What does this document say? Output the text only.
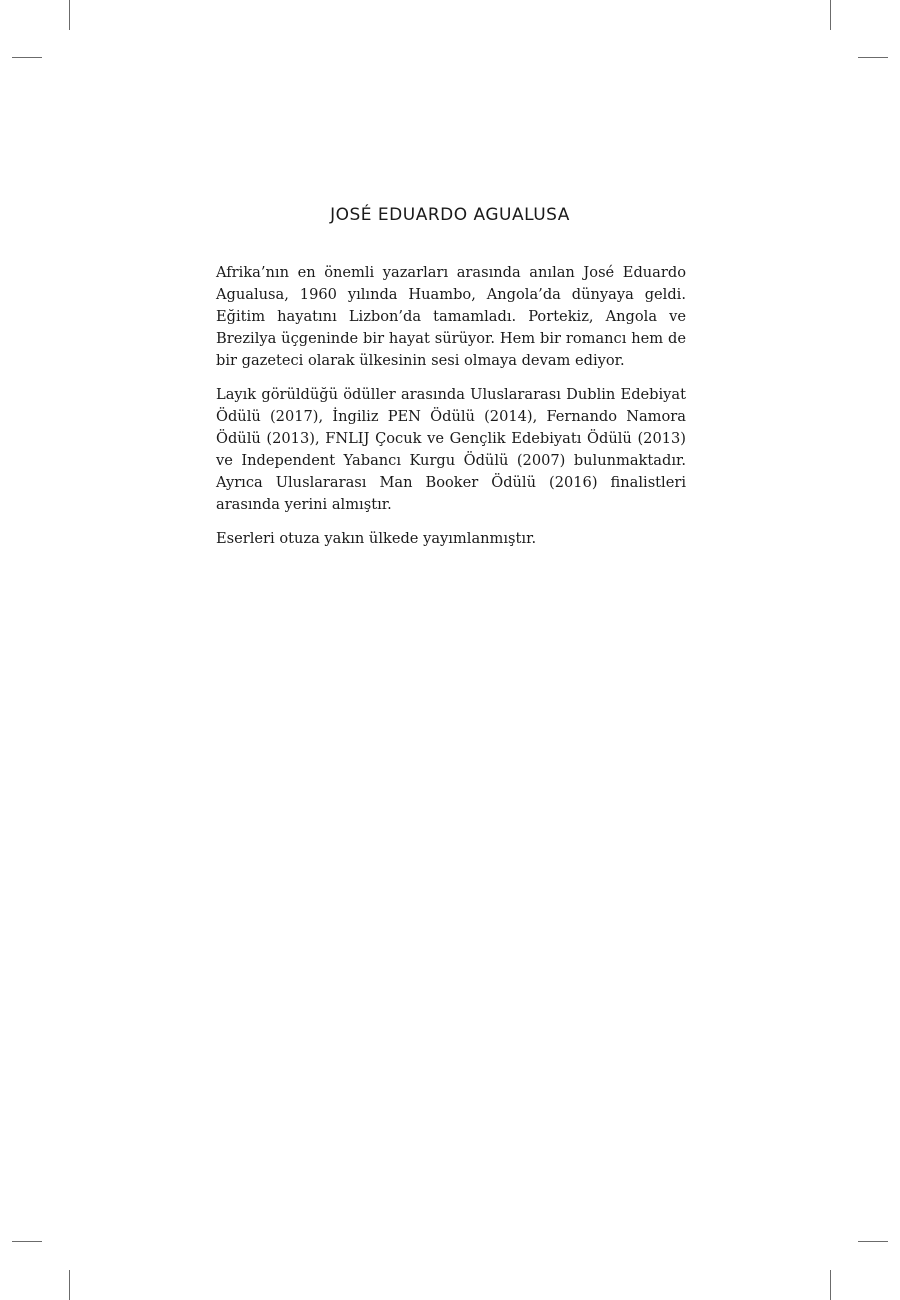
JOSÉ EDUARDO AGUALUSA

Afrika’nın en önemli yazarları arasında anılan José Eduardo Agualusa, 1960 yılında Huambo, Angola’da dünyaya geldi. Eğitim hayatını Lizbon’da tamamladı. Portekiz, Angola ve Brezilya üçgeninde bir hayat sürüyor. Hem bir romancı hem de bir gazeteci olarak ülkesinin sesi olmaya devam ediyor.

Layık görüldüğü ödüller arasında Uluslararası Dublin Edebiyat Ödülü (2017), İngiliz PEN Ödülü (2014), Fernando Namora Ödülü (2013), FNLIJ Çocuk ve Gençlik Edebiyatı Ödülü (2013) ve Independent Yabancı Kurgu Ödülü (2007) bulunmaktadır. Ayrıca Uluslararası Man Booker Ödülü (2016) finalistleri arasında yerini almıştır.

Eserleri otuza yakın ülkede yayımlanmıştır.
